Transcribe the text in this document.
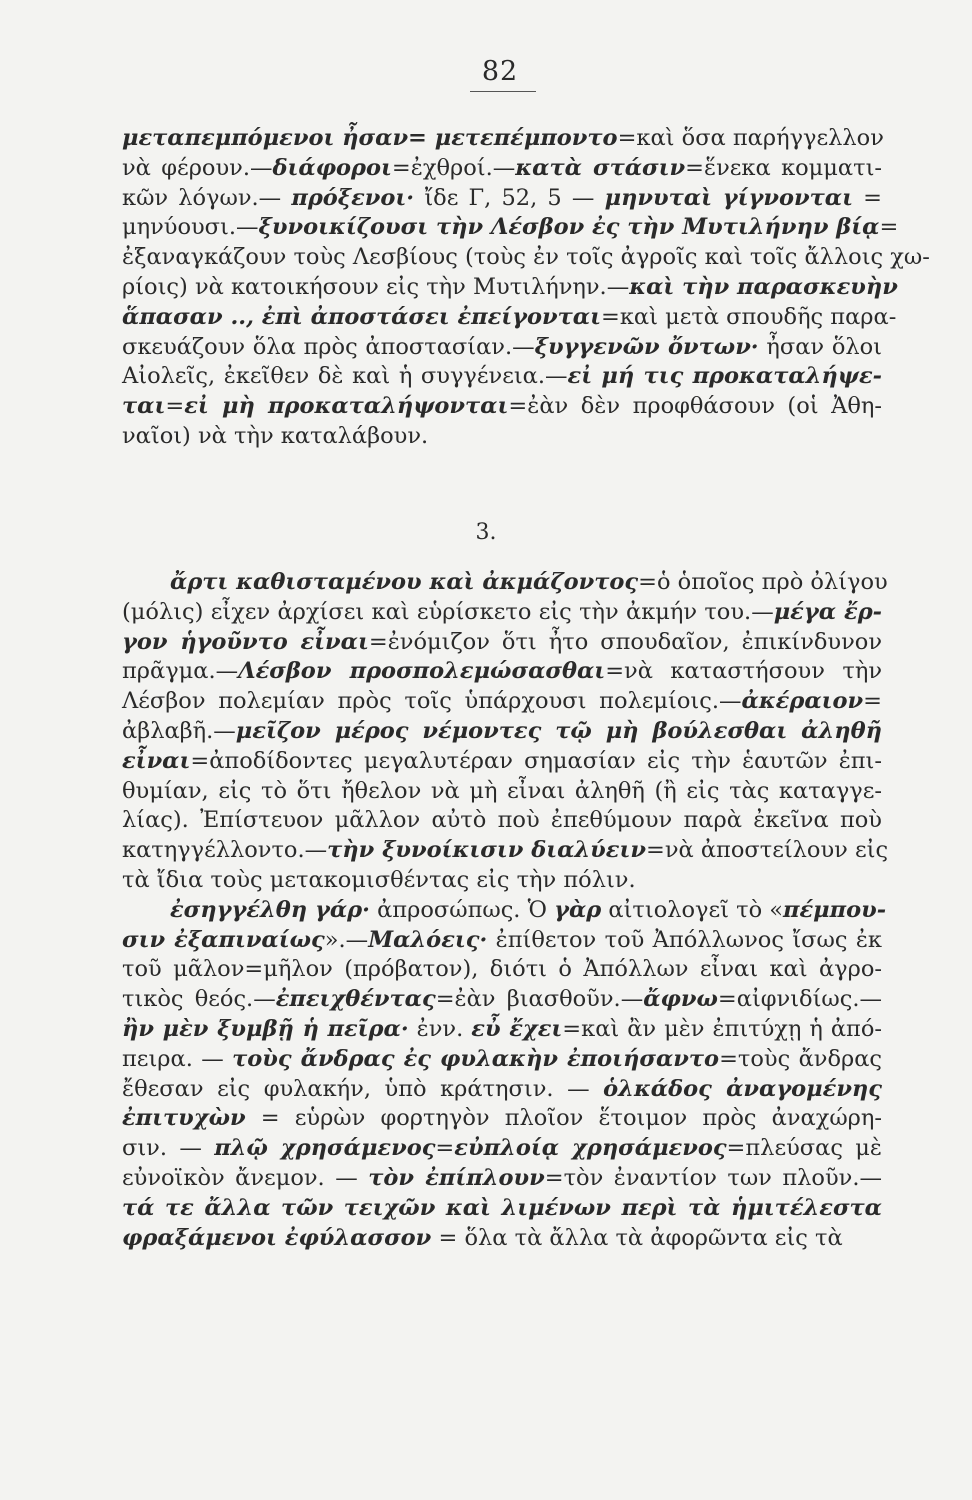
82
μεταπεμπόμενοι ἦσαν= μετεπέμποντο=καὶ ὅσα παρήγγελλον
νὰ φέρουν.—διάφοροι=ἐχθροί.—κατὰ στάσιν=ἕνεκα κομματι-
κῶν λόγων.— πρόξενοι· ἴδε Γ, 52, 5 — μηνυταὶ γίγνονται =
μηνύουσι.—ξυνοικίζουσι τὴν Λέσβον ἐς τὴν Μυτιλήνην βίᾳ=
ἐξαναγκάζουν τοὺς Λεσβίους (τοὺς ἐν τοῖς ἀγροῖς καὶ τοῖς ἄλλοις χω-
ρίοις) νὰ κατοικήσουν εἰς τὴν Μυτιλήνην.—καὶ τὴν παρασκευὴν
ἅπασαν .., ἐπὶ ἀποστάσει ἐπείγονται=καὶ μετὰ σπουδῆς παρα-
σκευάζουν ὅλα πρὸς ἀποστασίαν.—ξυγγενῶν ὄντων· ἦσαν ὅλοι
Αἰολεῖς, ἐκεῖθεν δὲ καὶ ἡ συγγένεια.—εἰ μή τις προκαταλήψε-
ται=εἰ μὴ προκαταλήψονται=ἐὰν δὲν προφθάσουν (οἱ Ἀθη-
ναῖοι) νὰ τὴν καταλάβουν.
3.
ἄρτι καθισταμένου καὶ ἀκμάζοντος=ὁ ὁποῖος πρὸ ὀλίγου
(μόλις) εἶχεν ἀρχίσει καὶ εὑρίσκετο εἰς τὴν ἀκμήν του.—μέγα ἔρ-
γον ἡγοῦντο εἶναι=ἐνόμιζον ὅτι ἦτο σπουδαῖον, ἐπικίνδυνον
πρᾶγμα.—Λέσβον προσπολεμώσασθαι=νὰ καταστήσουν τὴν
Λέσβον πολεμίαν πρὸς τοῖς ὑπάρχουσι πολεμίοις.—ἀκέραιον=
ἀβλαβῆ.—μεῖζον μέρος νέμοντες τῷ μὴ βούλεσθαι ἀληθῆ
εἶναι=ἀποδίδοντες μεγαλυτέραν σημασίαν εἰς τὴν ἑαυτῶν ἐπι-
θυμίαν, εἰς τὸ ὅτι ἤθελον νὰ μὴ εἶναι ἀληθῆ (ἢ εἰς τὰς καταγγε-
λίας). Ἐπίστευον μᾶλλον αὐτὸ ποὺ ἐπεθύμουν παρὰ ἐκεῖνα ποὺ
κατηγγέλλοντο.—τὴν ξυνοίκισιν διαλύειν=νὰ ἀποστείλουν εἰς
τὰ ἴδια τοὺς μετακομισθέντας εἰς τὴν πόλιν.
ἐσηγγέλθη γάρ· ἀπροσώπως. Ὁ γὰρ αἰτιολογεῖ τὸ «πέμπου-
σιν ἐξαπιναίως».—Μαλόεις· ἐπίθετον τοῦ Ἀπόλλωνος ἴσως ἐκ
τοῦ μᾶλον=μῆλον (πρόβατον), διότι ὁ Ἀπόλλων εἶναι καὶ ἀγρο-
τικὸς θεός.—ἐπειχθέντας=ἐὰν βιασθοῦν.—ἄφνω=αἰφνιδίως.—
ἢν μὲν ξυμβῇ ἡ πεῖρα· ἐνν. εὖ ἔχει=καὶ ἂν μὲν ἐπιτύχῃ ἡ ἀπό-
πειρα. — τοὺς ἄνδρας ἐς φυλακὴν ἐποιήσαντο=τοὺς ἄνδρας
ἔθεσαν εἰς φυλακήν, ὑπὸ κράτησιν. — ὁλκάδος ἀναγομένης
ἐπιτυχὼν = εὑρὼν φορτηγὸν πλοῖον ἕτοιμον πρὸς ἀναχώρη-
σιν. — πλῷ χρησάμενος=εὐπλοίᾳ χρησάμενος=πλεύσας μὲ
εὐνοϊκὸν ἄνεμον. — τὸν ἐπίπλουν=τὸν ἐναντίον των πλοῦν.—
τά τε ἄλλα τῶν τειχῶν καὶ λιμένων περὶ τὰ ἡμιτέλεστα
φραξάμενοι ἐφύλασσον = ὅλα τὰ ἄλλα τὰ ἀφορῶντα εἰς τὰ
